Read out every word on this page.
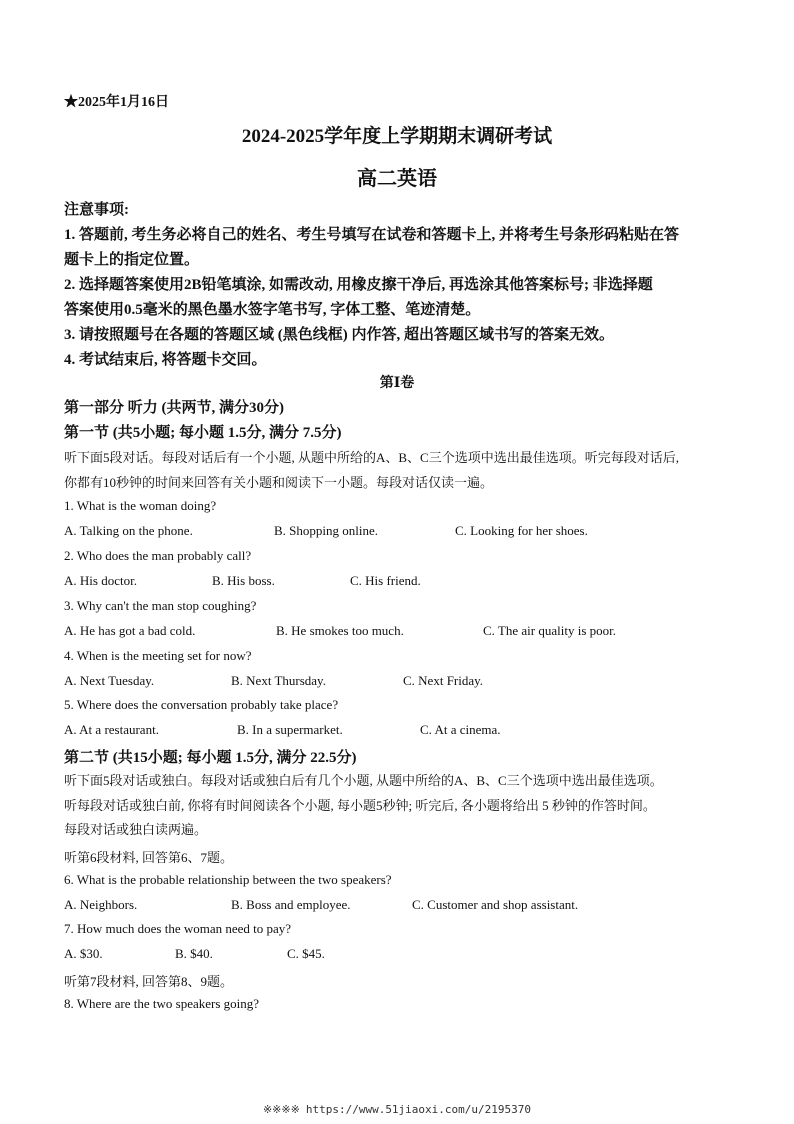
★2025年1月16日
2024-2025学年度上学期期末调研考试
高二英语
注意事项:
1. 答题前, 考生务必将自己的姓名、考生号填写在试卷和答题卡上, 并将考生号条形码粘贴在答
题卡上的指定位置。
2. 选择题答案使用2B铅笔填涂, 如需改动, 用橡皮擦干净后, 再选涂其他答案标号; 非选择题
答案使用0.5毫米的黑色墨水签字笔书写, 字体工整、笔迹清楚。
3. 请按照题号在各题的答题区域 (黑色线框) 内作答, 超出答题区域书写的答案无效。
4. 考试结束后, 将答题卡交回。
第Ⅰ卷
第一部分 听力 (共两节, 满分30分)
第一节 (共5小题; 每小题 1.5分, 满分 7.5分)
听下面5段对话。每段对话后有一个小题, 从题中所给的A、B、C三个选项中选出最佳选项。听完每段对话后,
你都有10秒钟的时间来回答有关小题和阅读下一小题。每段对话仅读一遍。
1. What is the woman doing?
A. Talking on the phone.	B. Shopping online.	C. Looking for her shoes.
2. Who does the man probably call?
A. His doctor.	B. His boss.	C. His friend.
3. Why can't the man stop coughing?
A. He has got a bad cold.	B. He smokes too much.	C. The air quality is poor.
4. When is the meeting set for now?
A. Next Tuesday.	B. Next Thursday.	C. Next Friday.
5. Where does the conversation probably take place?
A. At a restaurant.	B. In a supermarket.	C. At a cinema.
第二节 (共15小题; 每小题 1.5分, 满分 22.5分)
听下面5段对话或独白。每段对话或独白后有几个小题, 从题中所给的A、B、C三个选项中选出最佳选项。
听每段对话或独白前, 你将有时间阅读各个小题, 每小题5秒钟; 听完后, 各小题将给出 5 秒钟的作答时间。
每段对话或独白读两遍。
听第6段材料, 回答第6、7题。
6. What is the probable relationship between the two speakers?
A. Neighbors.	B. Boss and employee.	C. Customer and shop assistant.
7. How much does the woman need to pay?
A. $30.	B. $40.	C. $45.
听第7段材料, 回答第8、9题。
8. Where are the two speakers going?
※※※※ https://www.51jiaoxi.com/u/2195370
